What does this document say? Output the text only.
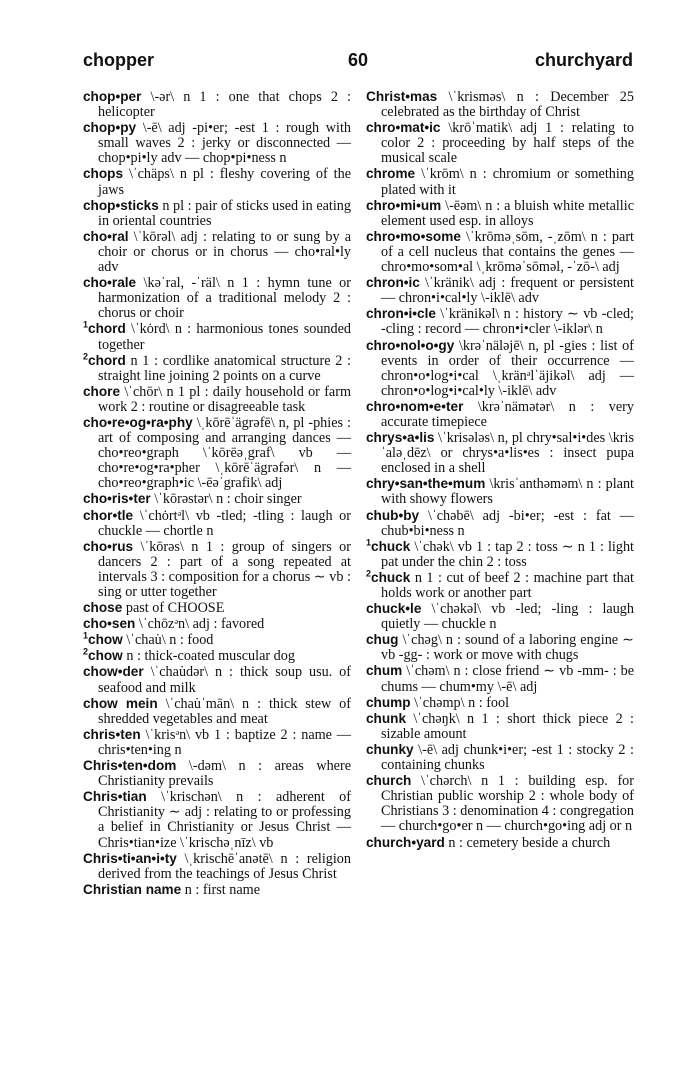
chopper	60	churchyard

chop•per \-ər\ n 1 : one that chops 2 : helicopter

chop•py \-ē\ adj -pi•er; -est 1 : rough with small waves 2 : jerky or disconnected — chop•pi•ly adv — chop•pi•ness n

chops \ˈchäps\ n pl : fleshy covering of the jaws

chop•sticks n pl : pair of sticks used in eating in oriental countries

cho•ral \ˈkōrəl\ adj : relating to or sung by a choir or chorus or in chorus — cho•ral•ly adv

cho•rale \kəˈral, -ˈräl\ n 1 : hymn tune or harmonization of a traditional melody 2 : chorus or choir

$^1$chord \ˈkȯrd\ n : harmonious tones sounded together

$^2$chord n 1 : cordlike anatomical structure 2 : straight line joining 2 points on a curve

chore \ˈchōr\ n 1 pl : daily household or farm work 2 : routine or disagreeable task

cho•re•og•ra•phy \ˌkōrēˈägrəfē\ n, pl -phies : art of composing and arranging dances — cho•reo•graph \ˈkōrēəˌgraf\ vb — cho•re•og•ra•pher \ˌkōrēˈägrəfər\ n — cho•reo•graph•ic \-ēəˈgrafik\ adj

cho•ris•ter \ˈkōrəstər\ n : choir singer

chor•tle \ˈchȯrtᵊl\ vb -tled; -tling : laugh or chuckle — chortle n

cho•rus \ˈkōrəs\ n 1 : group of singers or dancers 2 : part of a song repeated at intervals 3 : composition for a chorus ∼ vb : sing or utter together

chose past of CHOOSE

cho•sen \ˈchōzᵊn\ adj : favored

$^1$chow \ˈchau̇\ n : food

$^2$chow n : thick-coated muscular dog

chow•der \ˈchau̇dər\ n : thick soup usu. of seafood and milk

chow mein \ˈchau̇ˈmān\ n : thick stew of shredded vegetables and meat

chris•ten \ˈkrisᵊn\ vb 1 : baptize 2 : name — chris•ten•ing n

Chris•ten•dom \-dəm\ n : areas where Christianity prevails

Chris•tian \ˈkrischən\ n : adherent of Christianity ∼ adj : relating to or professing a belief in Christianity or Jesus Christ — Chris•tian•ize \ˈkrischəˌnīz\ vb

Chris•ti•an•i•ty \ˌkrischēˈanətē\ n : religion derived from the teachings of Jesus Christ

Christian name n : first name

Christ•mas \ˈkrisməs\ n : December 25 celebrated as the birthday of Christ

chro•mat•ic \krōˈmatik\ adj 1 : relating to color 2 : proceeding by half steps of the musical scale

chrome \ˈkrōm\ n : chromium or something plated with it

chro•mi•um \-ēəm\ n : a bluish white metallic element used esp. in alloys

chro•mo•some \ˈkrōməˌsōm, -ˌzōm\ n : part of a cell nucleus that contains the genes — chro•mo•som•al \ˌkrōməˈsōməl, -ˈzō-\ adj

chron•ic \ˈkränik\ adj : frequent or persistent — chron•i•cal•ly \-iklē\ adv

chron•i•cle \ˈkränikəl\ n : history ∼ vb -cled; -cling : record — chron•i•cler \-iklər\ n

chro•nol•o•gy \krəˈnäləjē\ n, pl -gies : list of events in order of their occurrence — chron•o•log•i•cal \ˌkränᵊlˈäjikəl\ adj — chron•o•log•i•cal•ly \-iklē\ adv

chro•nom•e•ter \krəˈnämətər\ n : very accurate timepiece

chrys•a•lis \ˈkrisələs\ n, pl chry•sal•i•des \krisˈaləˌdēz\ or chrys•a•lis•es : insect pupa enclosed in a shell

chry•san•the•mum \krisˈanthəməm\ n : plant with showy flowers

chub•by \ˈchəbē\ adj -bi•er; -est : fat — chub•bi•ness n

$^1$chuck \ˈchək\ vb 1 : tap 2 : toss ∼ n 1 : light pat under the chin 2 : toss

$^2$chuck n 1 : cut of beef 2 : machine part that holds work or another part

chuck•le \ˈchəkəl\ vb -led; -ling : laugh quietly — chuckle n

chug \ˈchəg\ n : sound of a laboring engine ∼ vb -gg- : work or move with chugs

chum \ˈchəm\ n : close friend ∼ vb -mm- : be chums — chum•my \-ē\ adj

chump \ˈchəmp\ n : fool

chunk \ˈchəŋk\ n 1 : short thick piece 2 : sizable amount

chunky \-ē\ adj chunk•i•er; -est 1 : stocky 2 : containing chunks

church \ˈchərch\ n 1 : building esp. for Christian public worship 2 : whole body of Christians 3 : denomination 4 : congregation — church•go•er n — church•go•ing adj or n

church•yard n : cemetery beside a church
